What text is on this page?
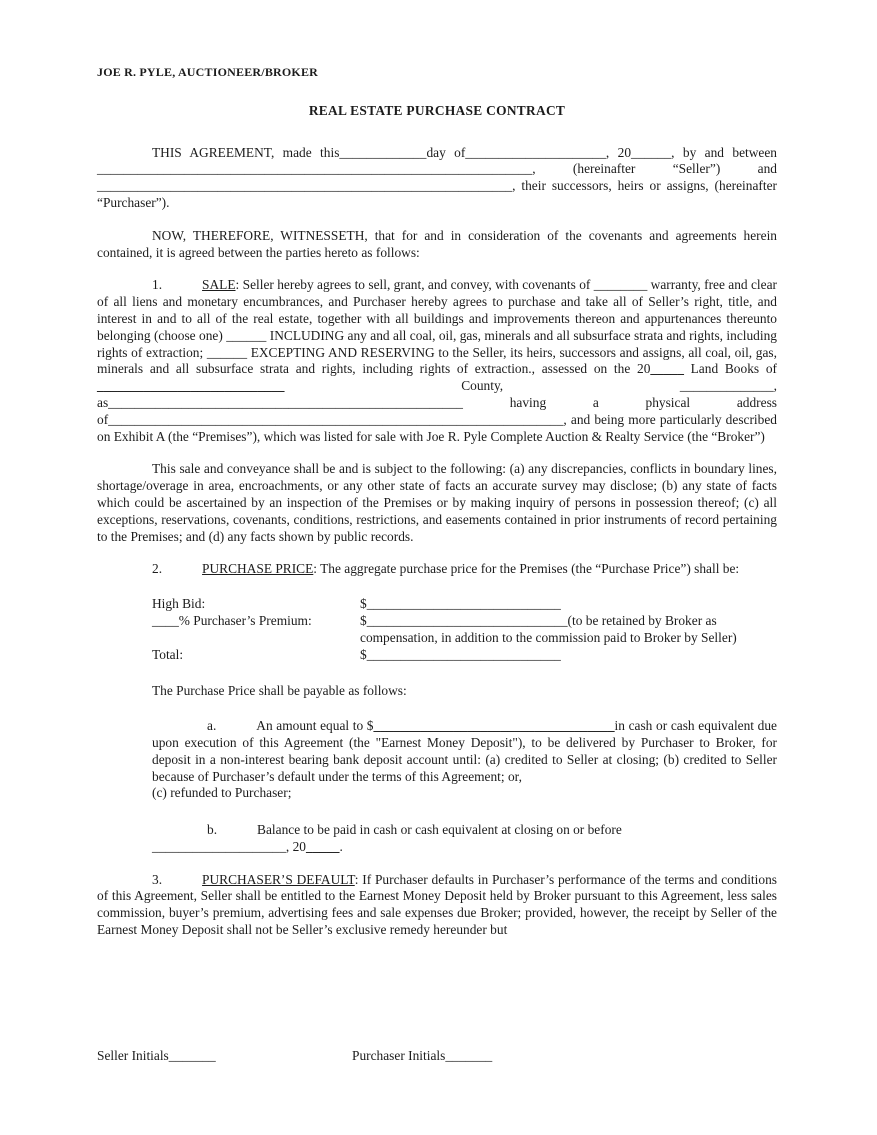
JOE R. PYLE, AUCTIONEER/BROKER

REAL ESTATE PURCHASE CONTRACT

THIS AGREEMENT, made this_____________day of_____________________, 20______, by and between _________________________________________________________________, (hereinafter “Seller”) and ______________________________________________________________, their successors, heirs or assigns, (hereinafter “Purchaser”).

NOW, THEREFORE, WITNESSETH, that for and in consideration of the covenants and agreements herein contained, it is agreed between the parties hereto as follows:

1.	SALE: Seller hereby agrees to sell, grant, and convey, with covenants of ________ warranty, free and clear of all liens and monetary encumbrances, and Purchaser hereby agrees to purchase and take all of Seller’s right, title, and interest in and to all of the real estate, together with all buildings and improvements thereon and appurtenances thereunto belonging (choose one) ______ INCLUDING any and all coal, oil, gas, minerals and all subsurface strata and rights, including rights of extraction; ______ EXCEPTING AND RESERVING to the Seller, its heirs, successors and assigns, all coal, oil, gas, minerals and all subsurface strata and rights, including rights of extraction., assessed on the 20_____ Land Books of ____________________________ County, ______________, as_____________________________________________________ having a physical address of____________________________________________________________________, and being more particularly described on Exhibit A (the “Premises”), which was listed for sale with Joe R. Pyle Complete Auction & Realty Service (the “Broker”)

This sale and conveyance shall be and is subject to the following: (a) any discrepancies, conflicts in boundary lines, shortage/overage in area, encroachments, or any other state of facts an accurate survey may disclose; (b) any state of facts which could be ascertained by an inspection of the Premises or by making inquiry of persons in possession thereof; (c) all exceptions, reservations, covenants, conditions, restrictions, and easements contained in prior instruments of record pertaining to the Premises; and (d) any facts shown by public records.

2.	PURCHASE PRICE: The aggregate purchase price for the Premises (the “Purchase Price”) shall be:

High Bid:	$_____________________________
____% Purchaser’s Premium:	$______________________________(to be retained by Broker as compensation, in addition to the commission paid to Broker by Seller)
Total:	$_____________________________

The Purchase Price shall be payable as follows:

a.	An amount equal to $____________________________________in cash or cash equivalent due upon execution of this Agreement (the "Earnest Money Deposit"), to be delivered by Purchaser to Broker, for deposit in a non-interest bearing bank deposit account until: (a) credited to Seller at closing; (b) credited to Seller because of Purchaser’s default under the terms of this Agreement; or,
(c) refunded to Purchaser;

b.	Balance to be paid in cash or cash equivalent at closing on or before
____________________, 20_____.

3.	PURCHASER’S DEFAULT: If Purchaser defaults in Purchaser’s performance of the terms and conditions of this Agreement, Seller shall be entitled to the Earnest Money Deposit held by Broker pursuant to this Agreement, less sales commission, buyer’s premium, advertising fees and sale expenses due Broker; provided, however, the receipt by Seller of the Earnest Money Deposit shall not be Seller’s exclusive remedy hereunder but

Seller Initials_______	Purchaser Initials_______
